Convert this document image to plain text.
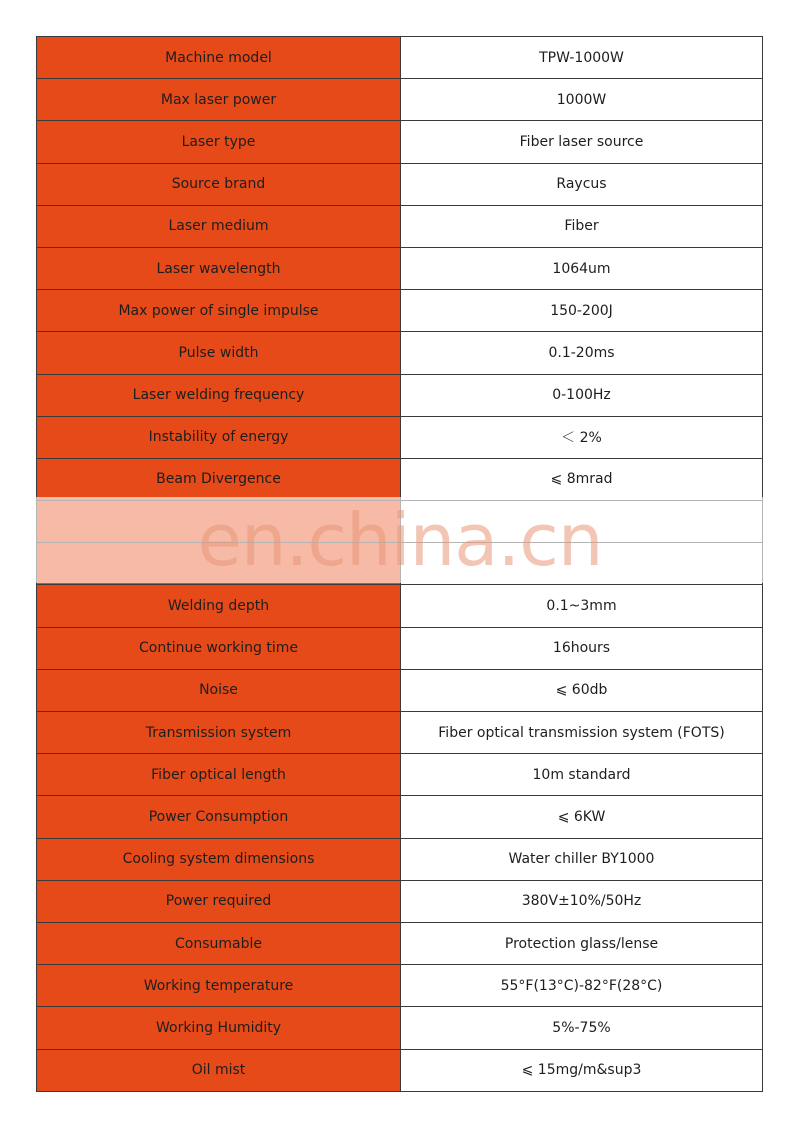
Machine model	TPW-1000W
Max laser power	1000W
Laser type	Fiber laser source
Source brand	Raycus
Laser medium	Fiber
Laser wavelength	1064um
Max power of single impulse	150-200J
Pulse width	0.1-20ms
Laser welding frequency	0-100Hz
Instability of energy	＜ 2%
Beam Divergence	⩽ 8mrad

Welding depth	0.1~3mm
Continue working time	16hours
Noise	⩽ 60db
Transmission system	Fiber optical transmission system (FOTS)
Fiber optical length	10m standard
Power Consumption	⩽ 6KW
Cooling system dimensions	Water chiller BY1000
Power required	380V±10%/50Hz
Consumable	Protection glass/lense
Working temperature	55°F(13°C)-82°F(28°C)
Working Humidity	5%-75%
Oil mist	⩽ 15mg/m&sup3
en.china.cn
